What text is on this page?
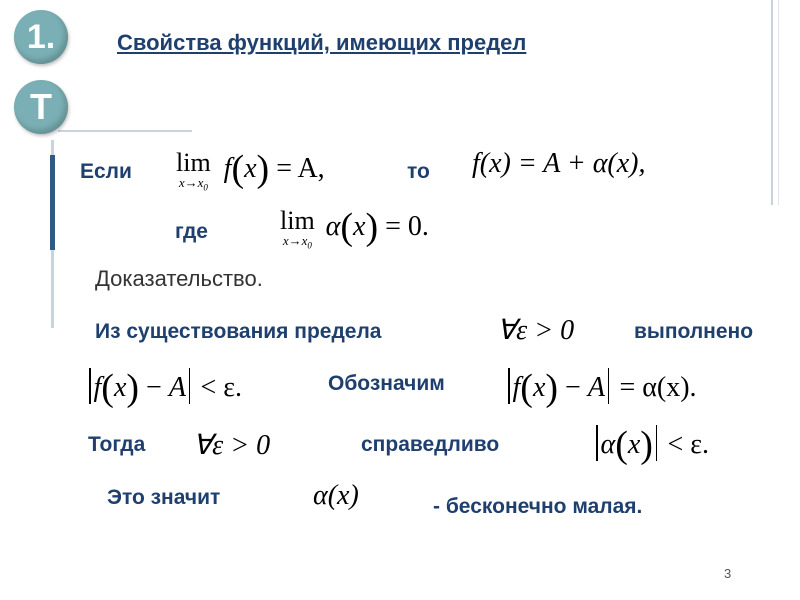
1.
T
Свойства функций, имеющих предел
Если lim
$x\to x_0$
f(x) = A,	то f(x) = A + α(x),
где	lim
$x\to x_0$
α(x) = 0.
Доказательство.
Из существования предела	∀ε > 0	выполнено
f(x) − A < ε.	Обозначим f(x) − A = α(x).
Тогда ∀ε > 0	справедливо	α(x) < ε.
Это значит	α(x)	- бесконечно малая.
3
